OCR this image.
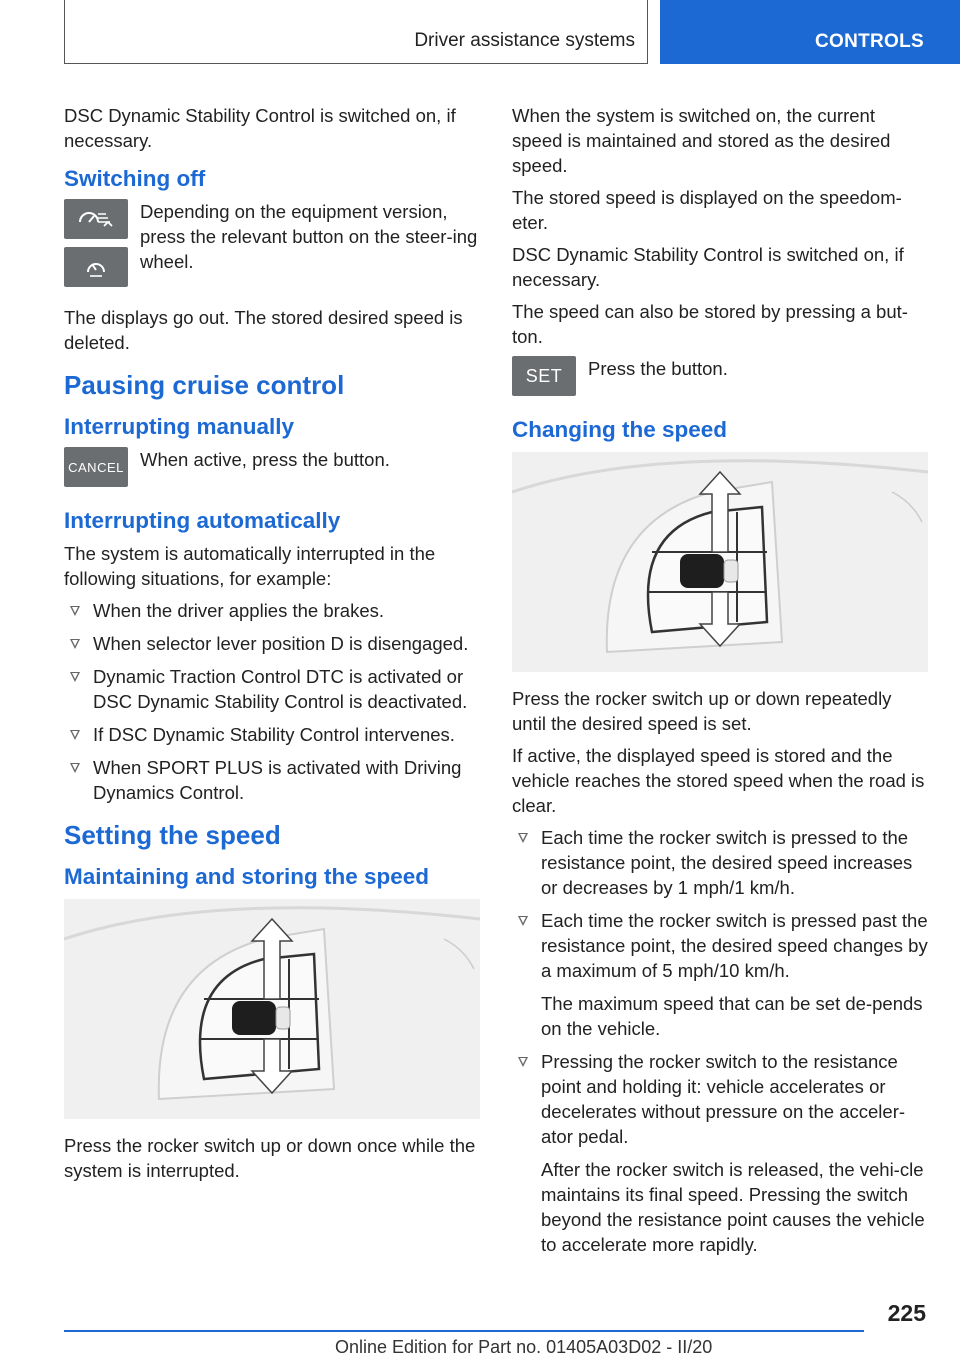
Driver assistance systems	CONTROLS

DSC Dynamic Stability Control is switched on, if necessary.

Switching off
Depending on the equipment version, press the relevant button on the steer-ing wheel.

The displays go out. The stored desired speed is deleted.

Pausing cruise control
Interrupting manually
CANCEL When active, press the button.
Interrupting automatically

The system is automatically interrupted in the following situations, for example:

When the driver applies the brakes.
When selector lever position D is disengaged.
Dynamic Traction Control DTC is activated or DSC Dynamic Stability Control is deactivated.
If DSC Dynamic Stability Control intervenes.
When SPORT PLUS is activated with Driving Dynamics Control.
Setting the speed
Maintaining and storing the speed

Press the rocker switch up or down once while the system is interrupted.

When the system is switched on, the current speed is maintained and stored as the desired speed.

The stored speed is displayed on the speedom-eter.

DSC Dynamic Stability Control is switched on, if necessary.

The speed can also be stored by pressing a but-ton.

SET Press the button.
Changing the speed

Press the rocker switch up or down repeatedly until the desired speed is set.

If active, the displayed speed is stored and the vehicle reaches the stored speed when the road is clear.

Each time the rocker switch is pressed to the resistance point, the desired speed increases or decreases by 1 mph/1 km/h.
Each time the rocker switch is pressed past the resistance point, the desired speed changes by a maximum of 5 mph/10 km/h.
The maximum speed that can be set de-pends on the vehicle.
Pressing the rocker switch to the resistance point and holding it: vehicle accelerates or decelerates without pressure on the acceler-ator pedal.
After the rocker switch is released, the vehi-cle maintains its final speed. Pressing the switch beyond the resistance point causes the vehicle to accelerate more rapidly.
225
Online Edition for Part no. 01405A03D02 - II/20
